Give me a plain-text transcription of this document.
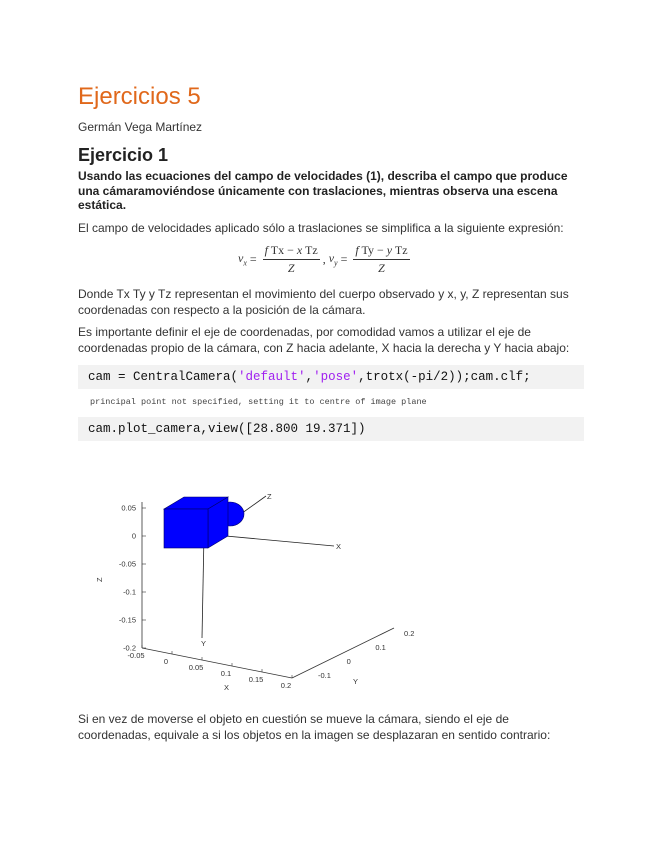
Ejercicios 5
Germán Vega Martínez
Ejercicio 1
Usando las ecuaciones del campo de velocidades (1), describa el campo que produce una cámaramoviéndose únicamente con traslaciones, mientras observa una escena estática.
El campo de velocidades aplicado sólo a traslaciones se simplifica a la siguiente expresión:
$v_x = \frac{\text{f Tx − x Tz}}{Z}$ , $v_y = \frac{\text{f Ty − y Tz}}{Z}$
Donde Tx Ty y Tz representan el movimiento del cuerpo observado y x, y, Z representan sus coordenadas con respecto a la posición de la cámara.
Es importante definir el eje de coordenadas, por comodidad vamos a utilizar el eje de coordenadas propio de la cámara, con Z hacia adelante, X hacia la derecha y Y hacia abajo:
cam = CentralCamera( 'default' , 'pose' ,trotx(-pi/2));cam.clf;
principal point not specified, setting it to centre of image plane
cam.plot_camera,view([28.800 19.371])
0.05
0
-0.05
-0.1
-0.15
-0.2
-0.05
0
0.05
0.1
0.15
0.2
-0.1
0
0.1
0.2
Z
X
Y
Y
X
Z
Si en vez de moverse el objeto en cuestión se mueve la cámara, siendo el eje de coordenadas, equivale a si los objetos en la imagen se desplazaran en sentido contrario:
